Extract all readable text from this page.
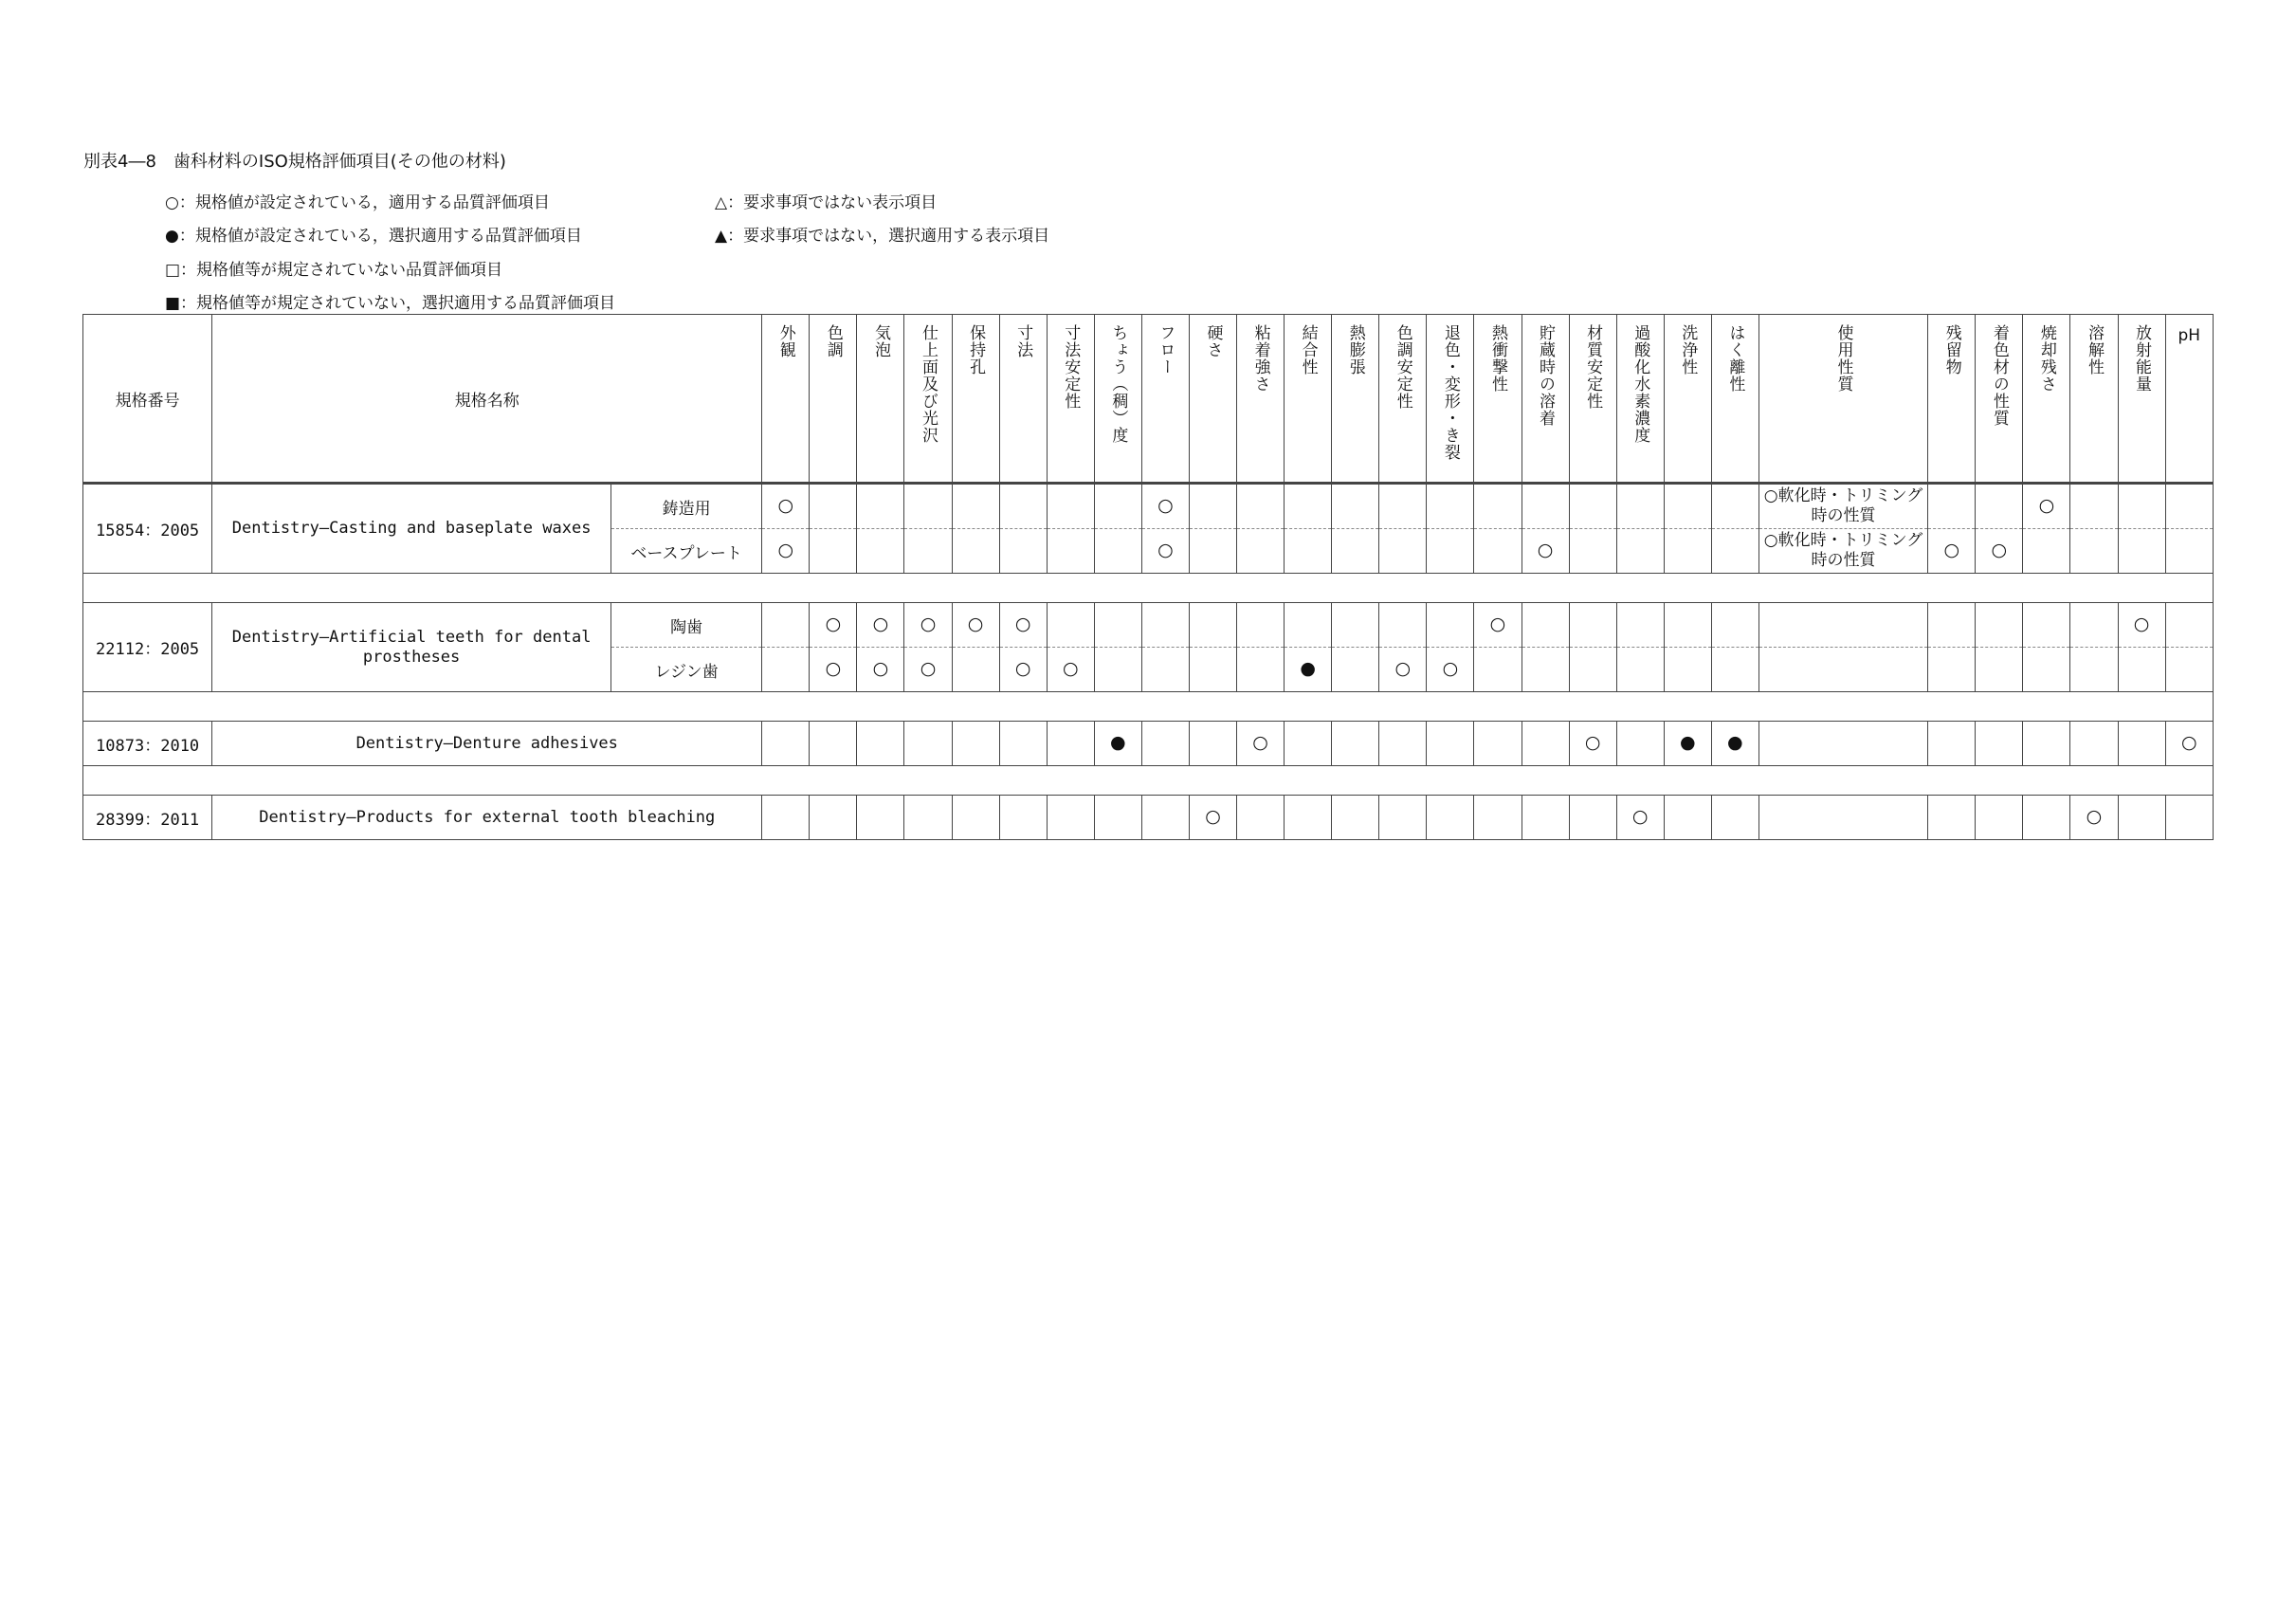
別表4―8　歯科材料のISO規格評価項目(その他の材料)
○：規格値が設定されている，適用する品質評価項目
●：規格値が設定されている，選択適用する品質評価項目
□：規格値等が規定されていない品質評価項目
■：規格値等が規定されていない，選択適用する品質評価項目
△：要求事項ではない表示項目
▲：要求事項ではない，選択適用する表示項目
規格番号	規格名称		外観	色調	気泡	仕上面及び光沢	保持孔	寸法	寸法安定性	ちょう（稠）度	フロー	硬さ	粘着強さ	結合性	熱膨張	色調安定性	退色・変形・き裂	熱衝撃性	貯蔵時の溶着	材質安定性	過酸化水素濃度	洗浄性	はく離性	使用性質	残留物	着色材の性質	焼却残さ	溶解性	放射能量	pH
15854：2005	Dentistry―Casting and baseplate waxes	鋳造用	○								○													○軟化時・トリミング時の性質			○			
		ベースプレート	○								○								○					○軟化時・トリミング時の性質	○	○				

22112：2005	Dentistry―Artificial teeth for dental prostheses	陶歯		○	○	○	○	○										○											○	
		レジン歯		○	○	○		○	○					●		○	○													

10873：2010	Dentistry―Denture adhesives									●			○							○		●	●							○

28399：2011	Dentistry―Products for external tooth bleaching											○									○							○		
